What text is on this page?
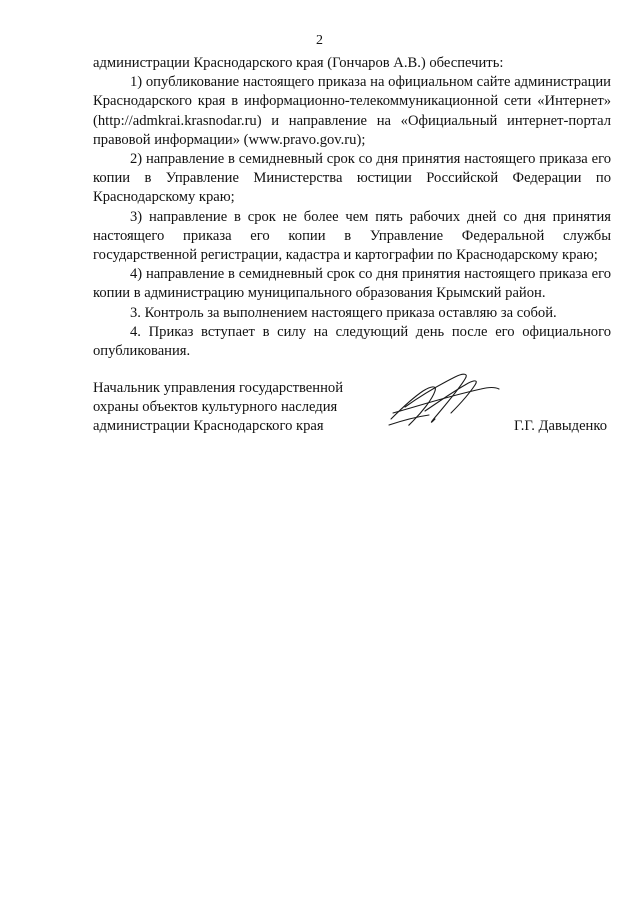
2

администрации Краснодарского края (Гончаров А.В.) обеспечить:

1) опубликование настоящего приказа на официальном сайте администрации Краснодарского края в информационно-телекоммуникационной сети «Интернет» (http://admkrai.krasnodar.ru) и направление на «Официальный интернет-портал правовой информации» (www.pravo.gov.ru);

2) направление в семидневный срок со дня принятия настоящего приказа его копии в Управление Министерства юстиции Российской Федерации по Краснодарскому краю;

3) направление в срок не более чем пять рабочих дней со дня принятия настоящего приказа его копии в Управление Федеральной службы государственной регистрации, кадастра и картографии по Краснодарскому краю;

4) направление в семидневный срок со дня принятия настоящего приказа его копии в администрацию муниципального образования Крымский район.

3. Контроль за выполнением настоящего приказа оставляю за собой.

4. Приказ вступает в силу на следующий день после его официального опубликования.

Начальник управления государственной
охраны объектов культурного наследия
администрации Краснодарского края	Г.Г. Давыденко
